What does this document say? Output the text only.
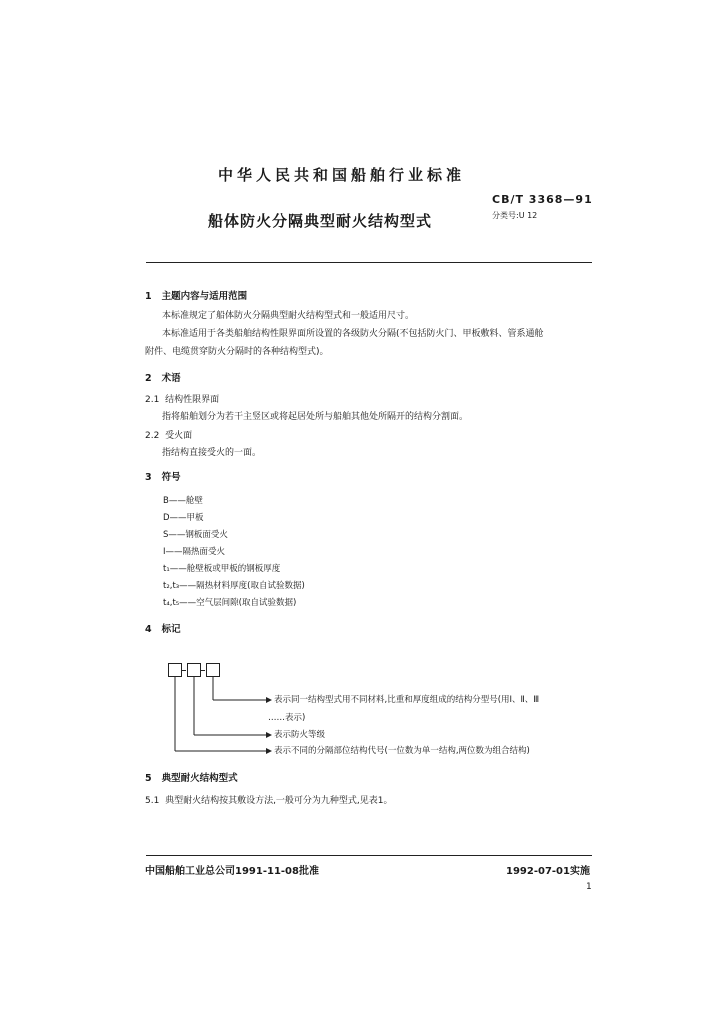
中华人民共和国船舶行业标准
CB/T 3368—91
分类号:U 12
船体防火分隔典型耐火结构型式
1 主题内容与适用范围
本标准规定了船体防火分隔典型耐火结构型式和一般适用尺寸。
本标准适用于各类船舶结构性限界面所设置的各级防火分隔(不包括防火门、甲板敷料、管系通舱
附件、电缆贯穿防火分隔时的各种结构型式)。
2 术语
2.1 结构性限界面
指将船舶划分为若干主竖区或将起居处所与船舶其他处所隔开的结构分割面。
2.2 受火面
指结构直接受火的一面。
3 符号
B——舱壁
D——甲板
S——钢板面受火
I——隔热面受火
t₁——舱壁板或甲板的钢板厚度
t₂,t₃——隔热材料厚度(取自试验数据)
t₄,t₅——空气层间隙(取自试验数据)
4 标记
表示同一结构型式用不同材料,比重和厚度组成的结构分型号(用Ⅰ、Ⅱ、Ⅲ
……表示)
表示防火等级
表示不同的分隔部位结构代号(一位数为单一结构,两位数为组合结构)
5 典型耐火结构型式
5.1 典型耐火结构按其敷设方法,一般可分为九种型式,见表1。
中国船舶工业总公司1991-11-08批准	1992-07-01实施
1
